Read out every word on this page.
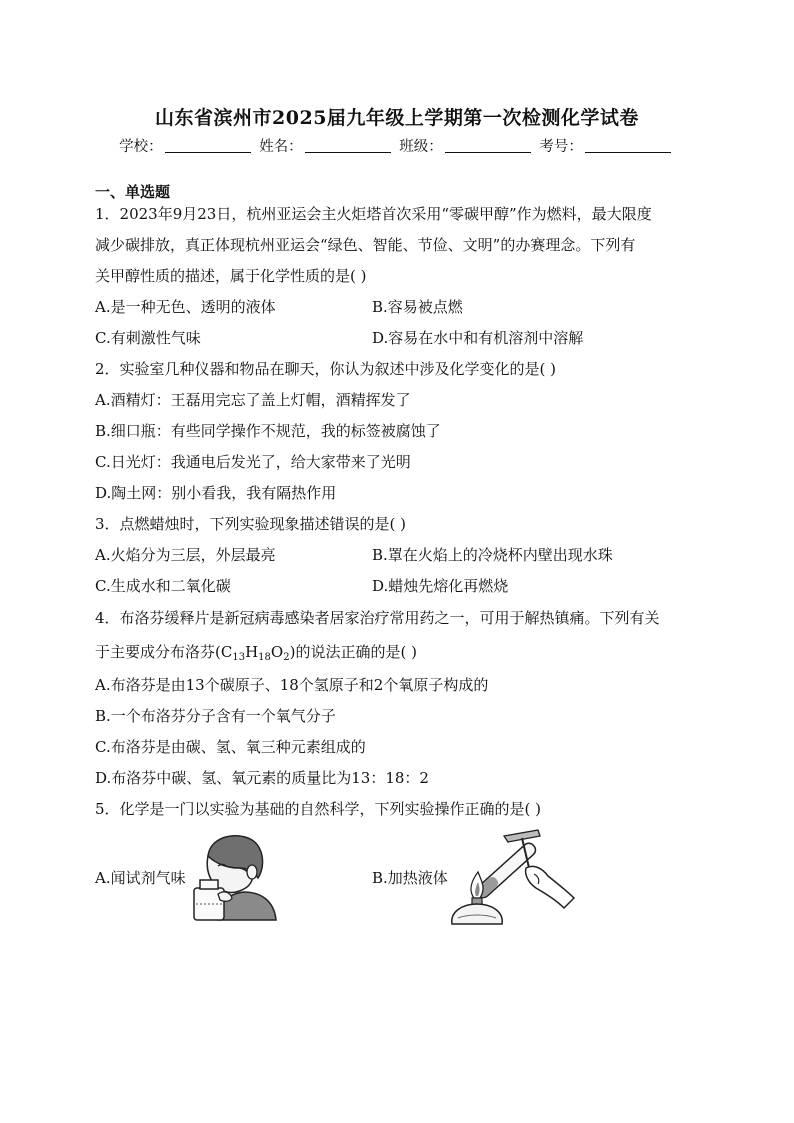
山东省滨州市2025届九年级上学期第一次检测化学试卷
学校：	姓名：	班级：	考号：
一、单选题
1．2023年9月23日，杭州亚运会主火炬塔首次采用“零碳甲醇”作为燃料，最大限度
减少碳排放，真正体现杭州亚运会“绿色、智能、节俭、文明”的办赛理念。下列有
关甲醇性质的描述，属于化学性质的是( )
A.是一种无色、透明的液体	B.容易被点燃
C.有刺激性气味	D.容易在水中和有机溶剂中溶解
2．实验室几种仪器和物品在聊天，你认为叙述中涉及化学变化的是( )
A.酒精灯：王磊用完忘了盖上灯帽，酒精挥发了
B.细口瓶：有些同学操作不规范，我的标签被腐蚀了
C.日光灯：我通电后发光了，给大家带来了光明
D.陶土网：别小看我，我有隔热作用
3．点燃蜡烛时，下列实验现象描述错误的是( )
A.火焰分为三层，外层最亮	B.罩在火焰上的冷烧杯内壁出现水珠
C.生成水和二氧化碳	D.蜡烛先熔化再燃烧
4．布洛芬缓释片是新冠病毒感染者居家治疗常用药之一，可用于解热镇痛。下列有关
于主要成分布洛芬$(C_{13}H_{18}O_2)$的说法正确的是( )
A.布洛芬是由13个碳原子、18个氢原子和2个氧原子构成的
B.一个布洛芬分子含有一个氧气分子
C.布洛芬是由碳、氢、氧三种元素组成的
D.布洛芬中碳、氢、氧元素的质量比为13：18：2
5．化学是一门以实验为基础的自然科学，下列实验操作正确的是( )
A.闻试剂气味	B.加热液体
